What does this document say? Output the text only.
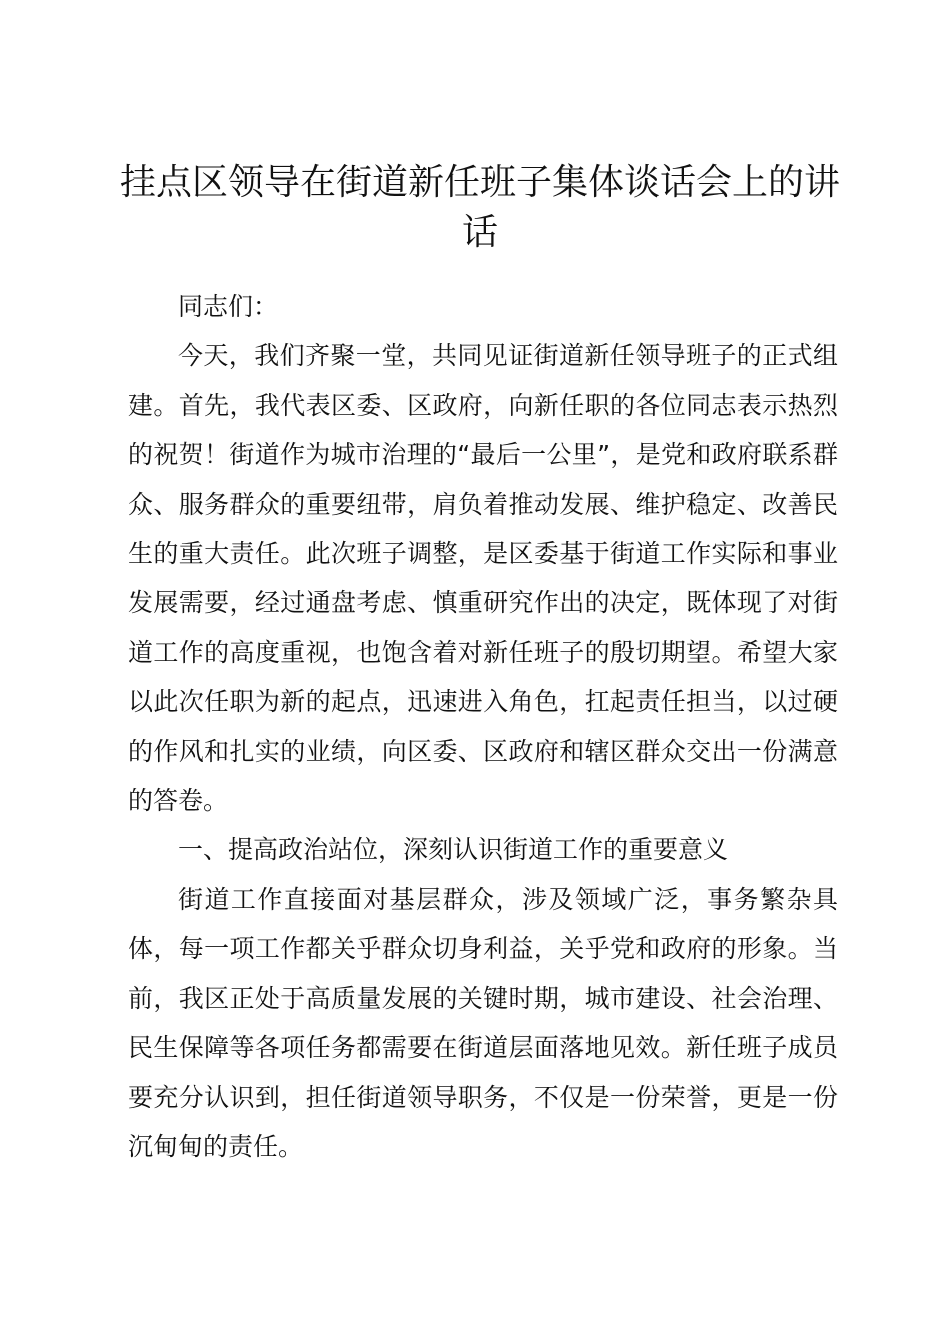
挂点区领导在街道新任班子集体谈话会上的讲话

同志们：

今天，我们齐聚一堂，共同见证街道新任领导班子的正式组建。首先，我代表区委、区政府，向新任职的各位同志表示热烈的祝贺！街道作为城市治理的“最后一公里”，是党和政府联系群众、服务群众的重要纽带，肩负着推动发展、维护稳定、改善民生的重大责任。此次班子调整，是区委基于街道工作实际和事业发展需要，经过通盘考虑、慎重研究作出的决定，既体现了对街道工作的高度重视，也饱含着对新任班子的殷切期望。希望大家以此次任职为新的起点，迅速进入角色，扛起责任担当，以过硬的作风和扎实的业绩，向区委、区政府和辖区群众交出一份满意的答卷。

一、提高政治站位，深刻认识街道工作的重要意义

街道工作直接面对基层群众，涉及领域广泛，事务繁杂具体，每一项工作都关乎群众切身利益，关乎党和政府的形象。当前，我区正处于高质量发展的关键时期，城市建设、社会治理、民生保障等各项任务都需要在街道层面落地见效。新任班子成员要充分认识到，担任街道领导职务，不仅是一份荣誉，更是一份沉甸甸的责任。
